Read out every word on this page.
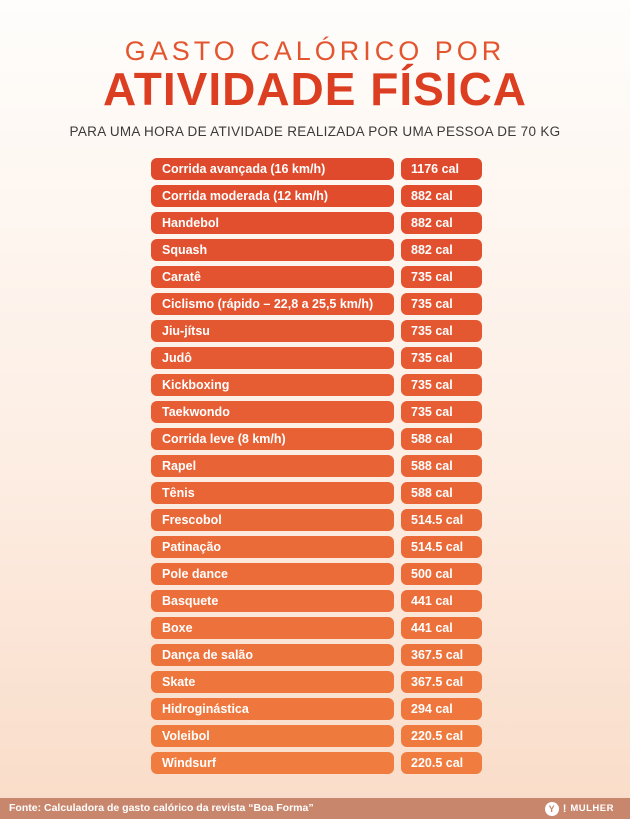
GASTO CALÓRICO POR
ATIVIDADE FÍSICA
PARA UMA HORA DE ATIVIDADE REALIZADA POR UMA PESSOA DE 70 KG
Corrida avançada (16 km/h)	1176 cal
Corrida moderada (12 km/h)	882 cal
Handebol	882 cal
Squash	882 cal
Caratê	735 cal
Ciclismo (rápido – 22,8 a 25,5 km/h)	735 cal
Jiu-jítsu	735 cal
Judô	735 cal
Kickboxing	735 cal
Taekwondo	735 cal
Corrida leve (8 km/h)	588 cal
Rapel	588 cal
Tênis	588 cal
Frescobol	514.5 cal
Patinação	514.5 cal
Pole dance	500 cal
Basquete	441 cal
Boxe	441 cal
Dança de salão	367.5 cal
Skate	367.5 cal
Hidroginástica	294 cal
Voleibol	220.5 cal
Windsurf	220.5 cal
Fonte: Calculadora de gasto calórico da revista “Boa Forma”	Y ! MULHER
